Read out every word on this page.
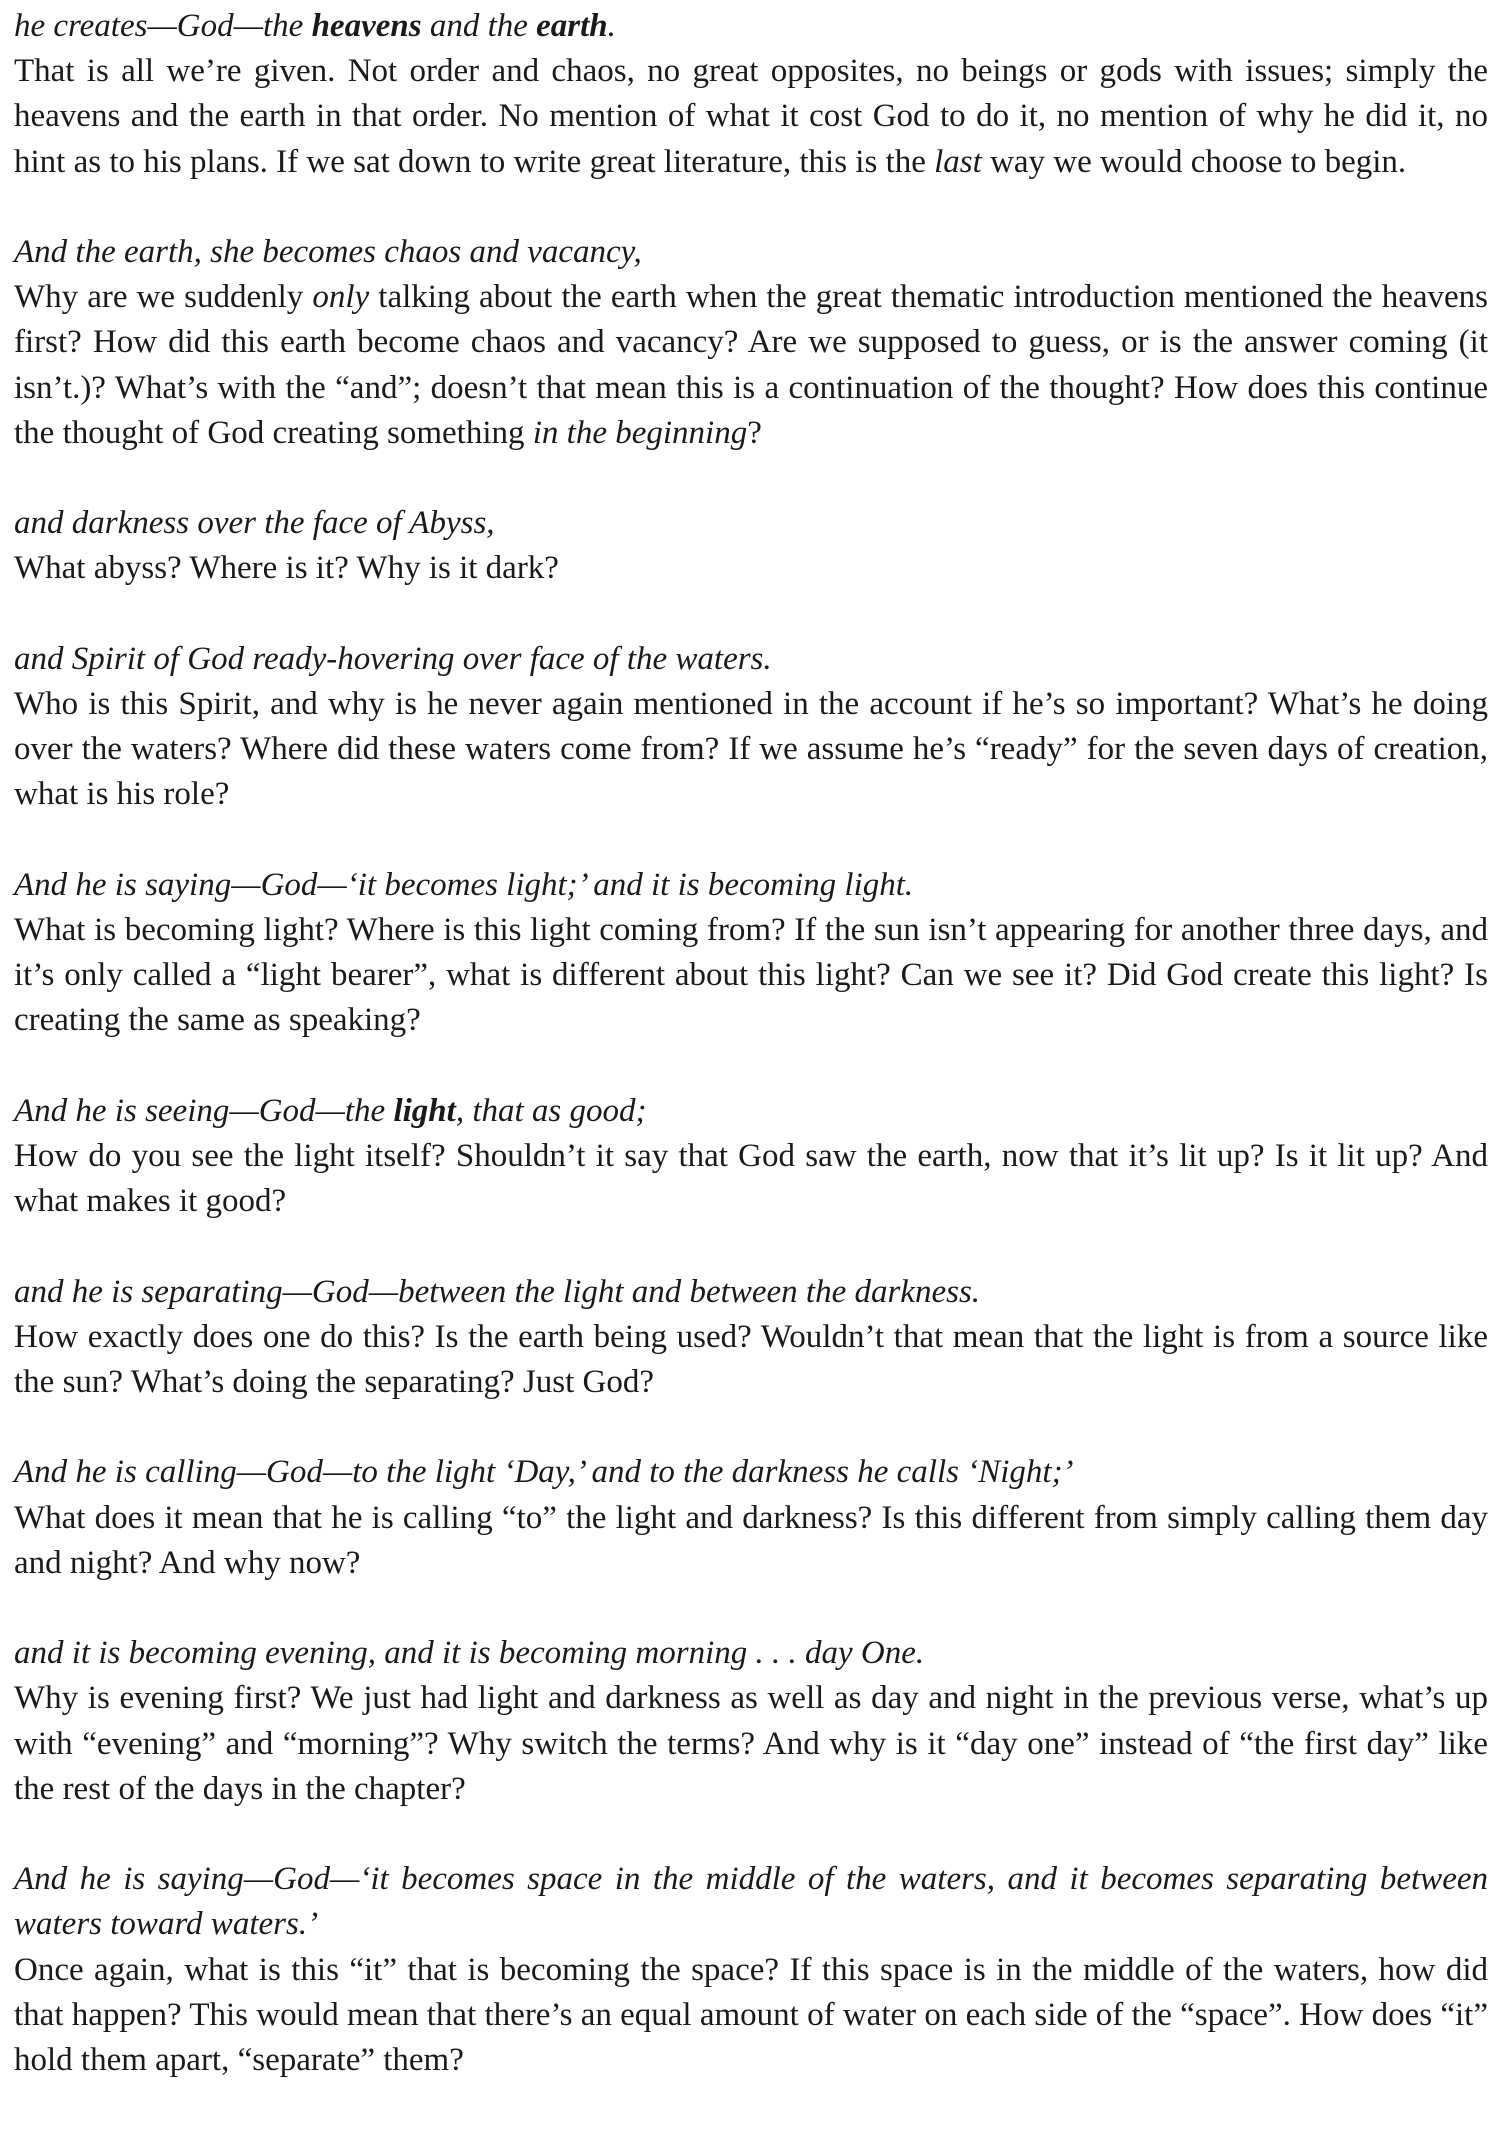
he creates—God—the heavens and the earth.

That is all we’re given. Not order and chaos, no great opposites, no beings or gods with issues; simply the heavens and the earth in that order. No mention of what it cost God to do it, no mention of why he did it, no hint as to his plans. If we sat down to write great literature, this is the last way we would choose to begin.

And the earth, she becomes chaos and vacancy,

Why are we suddenly only talking about the earth when the great thematic introduction mentioned the heavens first? How did this earth become chaos and vacancy? Are we supposed to guess, or is the answer coming (it isn’t.)? What’s with the “and”; doesn’t that mean this is a continuation of the thought? How does this continue the thought of God creating something in the beginning?

and darkness over the face of Abyss,

What abyss? Where is it? Why is it dark?

and Spirit of God ready-hovering over face of the waters.

Who is this Spirit, and why is he never again mentioned in the account if he’s so important? What’s he doing over the waters? Where did these waters come from? If we assume he’s “ready” for the seven days of creation, what is his role?

And he is saying—God—‘it becomes light;’ and it is becoming light.

What is becoming light? Where is this light coming from? If the sun isn’t appearing for another three days, and it’s only called a “light bearer”, what is different about this light? Can we see it? Did God create this light? Is creating the same as speaking?

And he is seeing—God—the light, that as good;

How do you see the light itself? Shouldn’t it say that God saw the earth, now that it’s lit up? Is it lit up? And what makes it good?

and he is separating—God—between the light and between the darkness.

How exactly does one do this? Is the earth being used? Wouldn’t that mean that the light is from a source like the sun? What’s doing the separating? Just God?

And he is calling—God—to the light ‘Day,’ and to the darkness he calls ‘Night;’

What does it mean that he is calling “to” the light and darkness? Is this different from simply calling them day and night? And why now?

and it is becoming evening, and it is becoming morning . . . day One.

Why is evening first? We just had light and darkness as well as day and night in the previous verse, what’s up with “evening” and “morning”? Why switch the terms? And why is it “day one” instead of “the first day” like the rest of the days in the chapter?

And he is saying—God—‘it becomes space in the middle of the waters, and it becomes separating between waters toward waters.’

Once again, what is this “it” that is becoming the space? If this space is in the middle of the waters, how did that happen? This would mean that there’s an equal amount of water on each side of the “space”. How does “it” hold them apart, “separate” them?
